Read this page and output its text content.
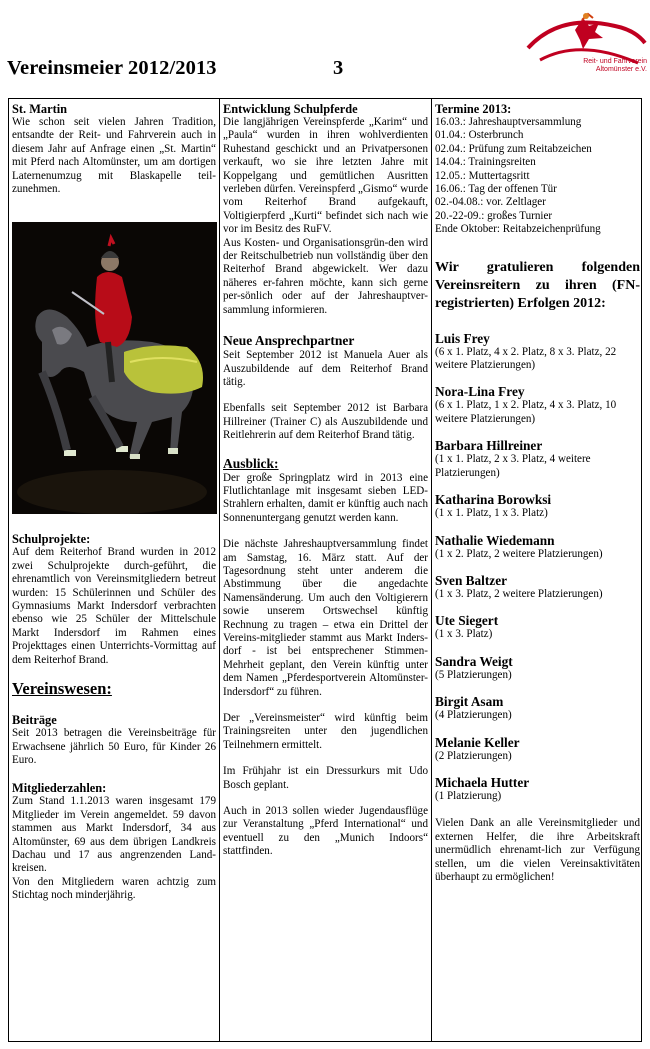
Vereinsmeier 2012/2013	3	Reit- und Fahrverein
Altomünster e.V.

St. Martin

Wie schon seit vielen Jahren Tradition, entsandte der Reit- und Fahrverein auch in diesem Jahr auf Anfrage einen „St. Martin“ mit Pferd nach Altomünster, um am dortigen Laternenumzug mit Blaskapelle teil-zunehmen.

Schulprojekte:

Auf dem Reiterhof Brand wurden in 2012 zwei Schulprojekte durch-geführt, die ehrenamtlich von Vereinsmitgliedern betreut wurden: 15 Schülerinnen und Schüler des Gymnasiums Markt Indersdorf verbrachten ebenso wie 25 Schüler der Mittelschule Markt Indersdorf im Rahmen eines Projekttages einen Unterrichts-Vormittag auf dem Reiterhof Brand.

Vereinswesen:

Beiträge

Seit 2013 betragen die Vereinsbeiträge für Erwachsene jährlich 50 Euro, für Kinder 26 Euro.

Mitgliederzahlen:

Zum Stand 1.1.2013 waren insgesamt 179 Mitglieder im Verein angemeldet. 59 davon stammen aus Markt Indersdorf, 34 aus Altomünster, 69 aus dem übrigen Landkreis Dachau und 17 aus angrenzenden Land-kreisen.

Von den Mitgliedern waren achtzig zum Stichtag noch minderjährig.

Entwicklung Schulpferde

Die langjährigen Vereinspferde „Karim“ und „Paula“ wurden in ihren wohlverdienten Ruhestand geschickt und an Privatpersonen verkauft, wo sie ihre letzten Jahre mit Koppelgang und gemütlichen Ausritten verleben dürfen. Vereinspferd „Gismo“ wurde vom Reiterhof Brand aufgekauft, Voltigierpferd „Kurti“ befindet sich nach wie vor im Besitz des RuFV.

Aus Kosten- und Organisationsgrün-den wird der Reitschulbetrieb nun vollständig über den Reiterhof Brand abgewickelt. Wer dazu näheres er-fahren möchte, kann sich gerne per-sönlich oder auf der Jahreshauptver-sammlung informieren.

Neue Ansprechpartner

Seit September 2012 ist Manuela Auer als Auszubildende auf dem Reiterhof Brand tätig.

Ebenfalls seit September 2012 ist Barbara Hillreiner (Trainer C) als Auszubildende und Reitlehrerin auf dem Reiterhof Brand tätig.

Ausblick:

Der große Springplatz wird in 2013 eine Flutlichtanlage mit insgesamt sieben LED-Strahlern erhalten, damit er künftig auch nach Sonnenuntergang genutzt werden kann.

Die nächste Jahreshauptversammlung findet am Samstag, 16. März statt. Auf der Tagesordnung steht unter anderem die Abstimmung über die angedachte Namensänderung. Um auch den Voltigierern sowie unserem Ortswechsel künftig Rechnung zu tragen – etwa ein Drittel der Vereins-mitglieder stammt aus Markt Inders-dorf - ist bei entsprechener Stimmen-Mehrheit geplant, den Verein künftig unter dem Namen „Pferdesportverein Altomünster-Indersdorf“ zu führen.

Der „Vereinsmeister“ wird künftig beim Trainingsreiten unter den jugendlichen Teilnehmern ermittelt.

Im Frühjahr ist ein Dressurkurs mit Udo Bosch geplant.

Auch in 2013 sollen wieder Jugendausflüge zur Veranstaltung „Pferd International“ und eventuell zu den „Munich Indoors“ stattfinden.

Termine 2013:

16.03.: Jahreshauptversammlung
01.04.: Osterbrunch
02.04.: Prüfung zum Reitabzeichen
14.04.: Trainingsreiten
12.05.: Muttertagsritt
16.06.: Tag der offenen Tür
02.-04.08.: vor. Zeltlager
20.-22-09.: großes Turnier
Ende Oktober: Reitabzeichenprüfung

Wir gratulieren folgenden Vereinsreitern zu ihren (FN-registrierten) Erfolgen 2012:

Luis Frey
(6 x 1. Platz, 4 x 2. Platz, 8 x 3. Platz, 22 weitere Platzierungen)
Nora-Lina Frey
(6 x 1. Platz, 1 x 2. Platz, 4 x 3. Platz, 10 weitere Platzierungen)
Barbara Hillreiner
(1 x 1. Platz, 2 x 3. Platz, 4 weitere Platzierungen)
Katharina Borowksi
(1 x 1. Platz, 1 x 3. Platz)
Nathalie Wiedemann
(1 x 2. Platz, 2 weitere Platzierungen)
Sven Baltzer
(1 x 3. Platz, 2 weitere Platzierungen)
Ute Siegert
(1 x 3. Platz)
Sandra Weigt
(5 Platzierungen)
Birgit Asam
(4 Platzierungen)
Melanie Keller
(2 Platzierungen)
Michaela Hutter
(1 Platzierung)

Vielen Dank an alle Vereinsmitglieder und externen Helfer, die ihre Arbeitskraft unermüdlich ehrenamt-lich zur Verfügung stellen, um die vielen Vereinsaktivitäten überhaupt zu ermöglichen!
